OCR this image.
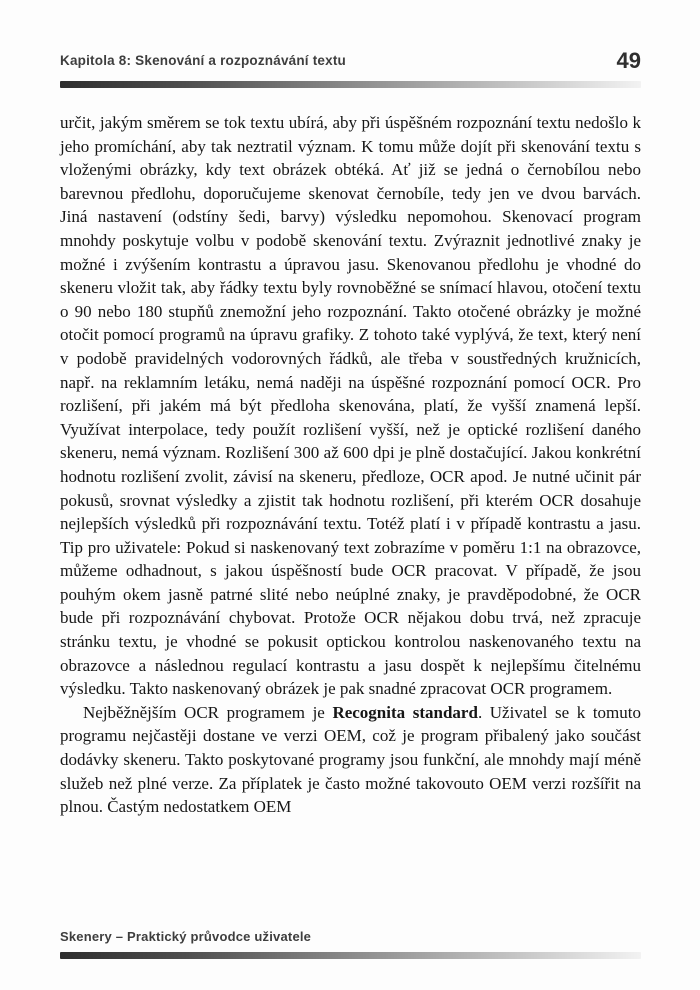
Kapitola 8: Skenování a rozpoznávání textu	49

určit, jakým směrem se tok textu ubírá, aby při úspěšném rozpoznání textu nedošlo k jeho promíchání, aby tak neztratil význam. K tomu může dojít při skenování textu s vloženými obrázky, kdy text obrázek obtéká. Ať již se jedná o černobílou nebo barevnou předlohu, doporučujeme skenovat černobíle, tedy jen ve dvou barvách. Jiná nastavení (odstíny šedi, barvy) výsledku nepomohou. Skenovací program mnohdy poskytuje volbu v podobě skenování textu. Zvýraznit jednotlivé znaky je možné i zvýšením kontrastu a úpravou jasu. Skenovanou předlohu je vhodné do skeneru vložit tak, aby řádky textu byly rovnoběžné se snímací hlavou, otočení textu o 90 nebo 180 stupňů znemožní jeho rozpoznání. Takto otočené obrázky je možné otočit pomocí programů na úpravu grafiky. Z tohoto také vyplývá, že text, který není v podobě pravidelných vodorovných řádků, ale třeba v soustředných kružnicích, např. na reklamním letáku, nemá naději na úspěšné rozpoznání pomocí OCR. Pro rozlišení, při jakém má být předloha skenována, platí, že vyšší znamená lepší. Využívat interpolace, tedy použít rozlišení vyšší, než je optické rozlišení daného skeneru, nemá význam. Rozlišení 300 až 600 dpi je plně dostačující. Jakou konkrétní hodnotu rozlišení zvolit, závisí na skeneru, předloze, OCR apod. Je nutné učinit pár pokusů, srovnat výsledky a zjistit tak hodnotu rozlišení, při kterém OCR dosahuje nejlepších výsledků při rozpoznávání textu. Totéž platí i v případě kontrastu a jasu. Tip pro uživatele: Pokud si naskenovaný text zobrazíme v poměru 1:1 na obrazovce, můžeme odhadnout, s jakou úspěšností bude OCR pracovat. V případě, že jsou pouhým okem jasně patrné slité nebo neúplné znaky, je pravděpodobné, že OCR bude při rozpoznávání chybovat. Protože OCR nějakou dobu trvá, než zpracuje stránku textu, je vhodné se pokusit optickou kontrolou naskenovaného textu na obrazovce a následnou regulací kontrastu a jasu dospět k nejlepšímu čitelnému výsledku. Takto naskenovaný obrázek je pak snadné zpracovat OCR programem.

Nejběžnějším OCR programem je Recognita standard. Uživatel se k tomuto programu nejčastěji dostane ve verzi OEM, což je program přibalený jako součást dodávky skeneru. Takto poskytované programy jsou funkční, ale mnohdy mají méně služeb než plné verze. Za příplatek je často možné takovouto OEM verzi rozšířit na plnou. Častým nedostatkem OEM

Skenery – Praktický průvodce uživatele
